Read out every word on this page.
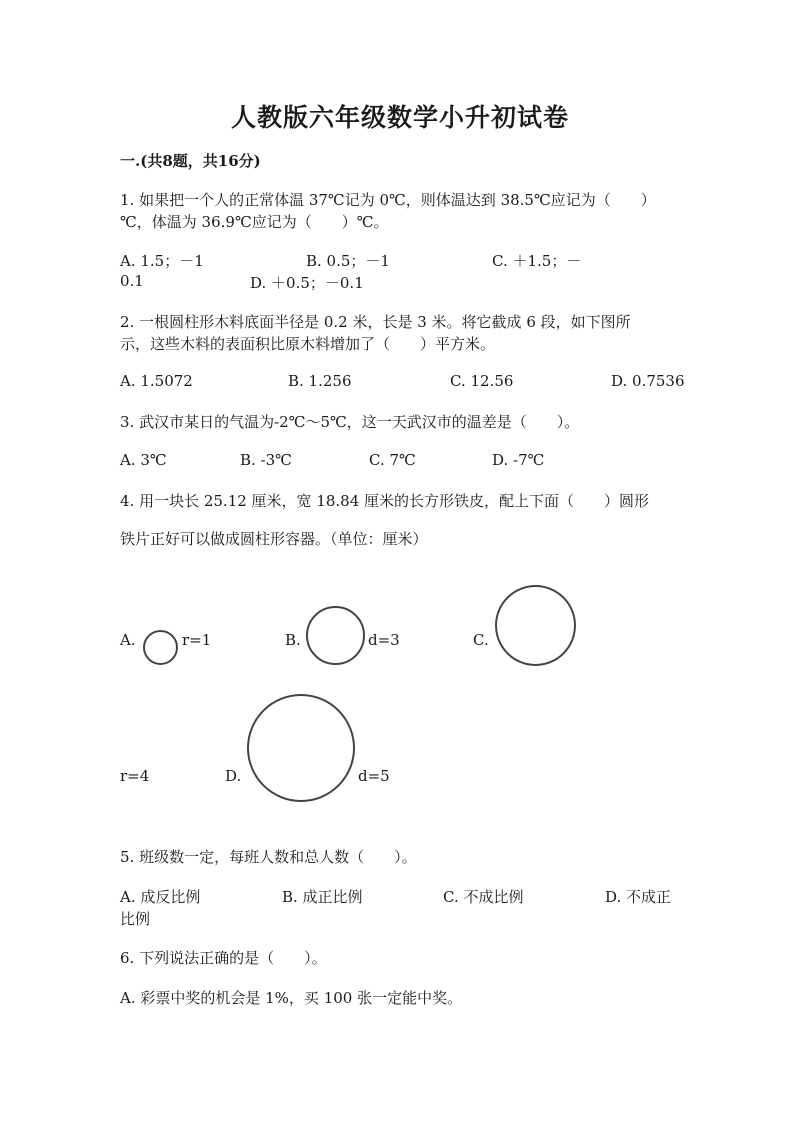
人教版六年级数学小升初试卷
一.(共8题，共16分)
1. 如果把一个人的正常体温 37℃记为 0℃，则体温达到 38.5℃应记为（　　）
℃，体温为 36.9℃应记为（　　）℃。
A. 1.5；－1	B. 0.5；－1	C. ＋1.5；－
0.1	D. ＋0.5；－0.1
2. 一根圆柱形木料底面半径是 0.2 米，长是 3 米。将它截成 6 段，如下图所
示，这些木料的表面积比原木料增加了（　　）平方米。
A. 1.5072	B. 1.256	C. 12.56	D. 0.7536
3. 武汉市某日的气温为-2℃～5℃，这一天武汉市的温差是（　　）。
A. 3℃	B. -3℃	C. 7℃	D. -7℃
4. 用一块长 25.12 厘米，宽 18.84 厘米的长方形铁皮，配上下面（　　）圆形
铁片正好可以做成圆柱形容器。（单位：厘米）
A.	r=1	B.	d=3	C.
r=4	D.	d=5
5. 班级数一定，每班人数和总人数（　　）。
A. 成反比例	B. 成正比例	C. 不成比例	D. 不成正
比例
6. 下列说法正确的是（　　）。
A. 彩票中奖的机会是 1%，买 100 张一定能中奖。
